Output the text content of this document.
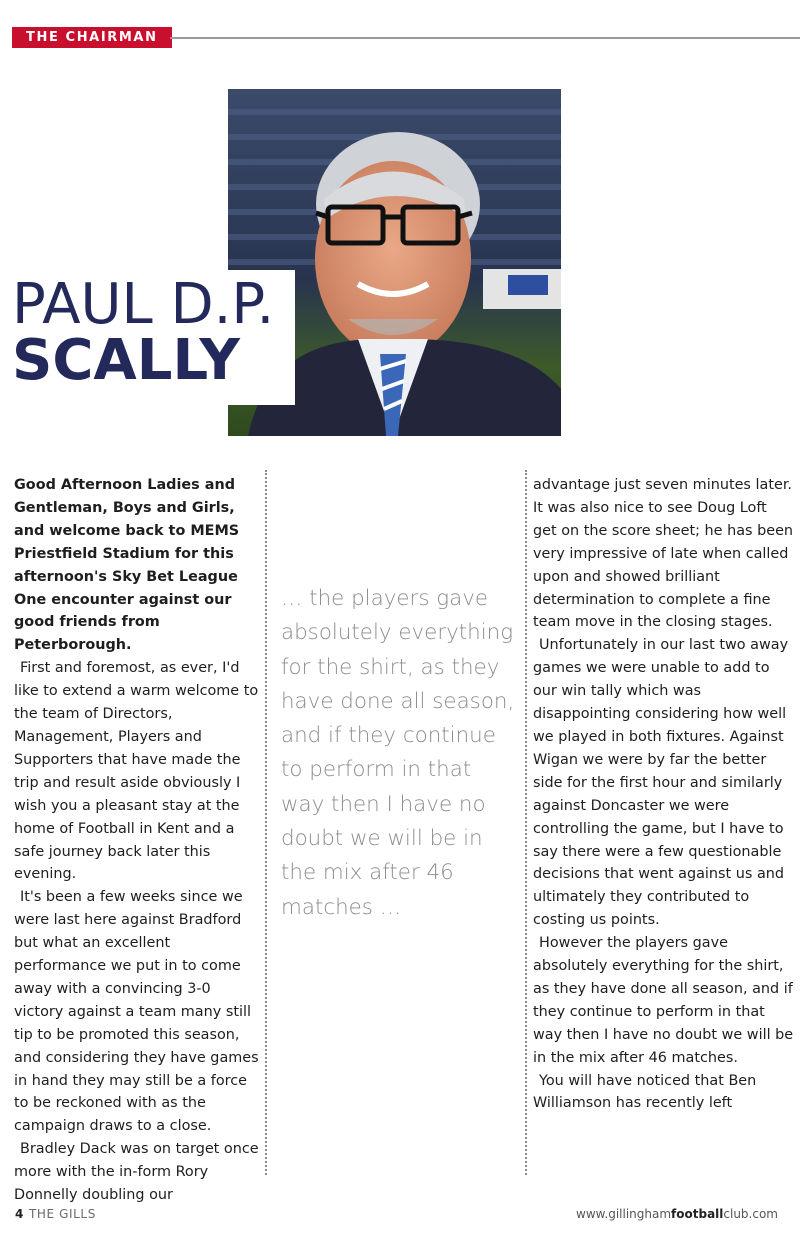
THE CHAIRMAN
PAUL D.P.
SCALLY

Good Afternoon Ladies and Gentleman, Boys and Girls, and welcome back to MEMS Priestfield Stadium for this afternoon's Sky Bet League One encounter against our good friends from Peterborough.

First and foremost, as ever, I'd like to extend a warm welcome to the team of Directors, Management, Players and Supporters that have made the trip and result aside obviously I wish you a pleasant stay at the home of Football in Kent and a safe journey back later this evening.

It's been a few weeks since we were last here against Bradford but what an excellent performance we put in to come away with a convincing 3-0 victory against a team many still tip to be promoted this season, and considering they have games in hand they may still be a force to be reckoned with as the campaign draws to a close.

Bradley Dack was on target once more with the in-form Rory Donnelly doubling our

… the players gave absolutely everything for the shirt, as they have done all season, and if they continue to perform in that way then I have no doubt we will be in the mix after 46 matches …

advantage just seven minutes later. It was also nice to see Doug Loft get on the score sheet; he has been very impressive of late when called upon and showed brilliant determination to complete a fine team move in the closing stages.

Unfortunately in our last two away games we were unable to add to our win tally which was disappointing considering how well we played in both fixtures. Against Wigan we were by far the better side for the first hour and similarly against Doncaster we were controlling the game, but I have to say there were a few questionable decisions that went against us and ultimately they contributed to costing us points.

However the players gave absolutely everything for the shirt, as they have done all season, and if they continue to perform in that way then I have no doubt we will be in the mix after 46 matches.

You will have noticed that Ben Williamson has recently left

4 THE GILLS	www.gillinghamfootballclub.com
